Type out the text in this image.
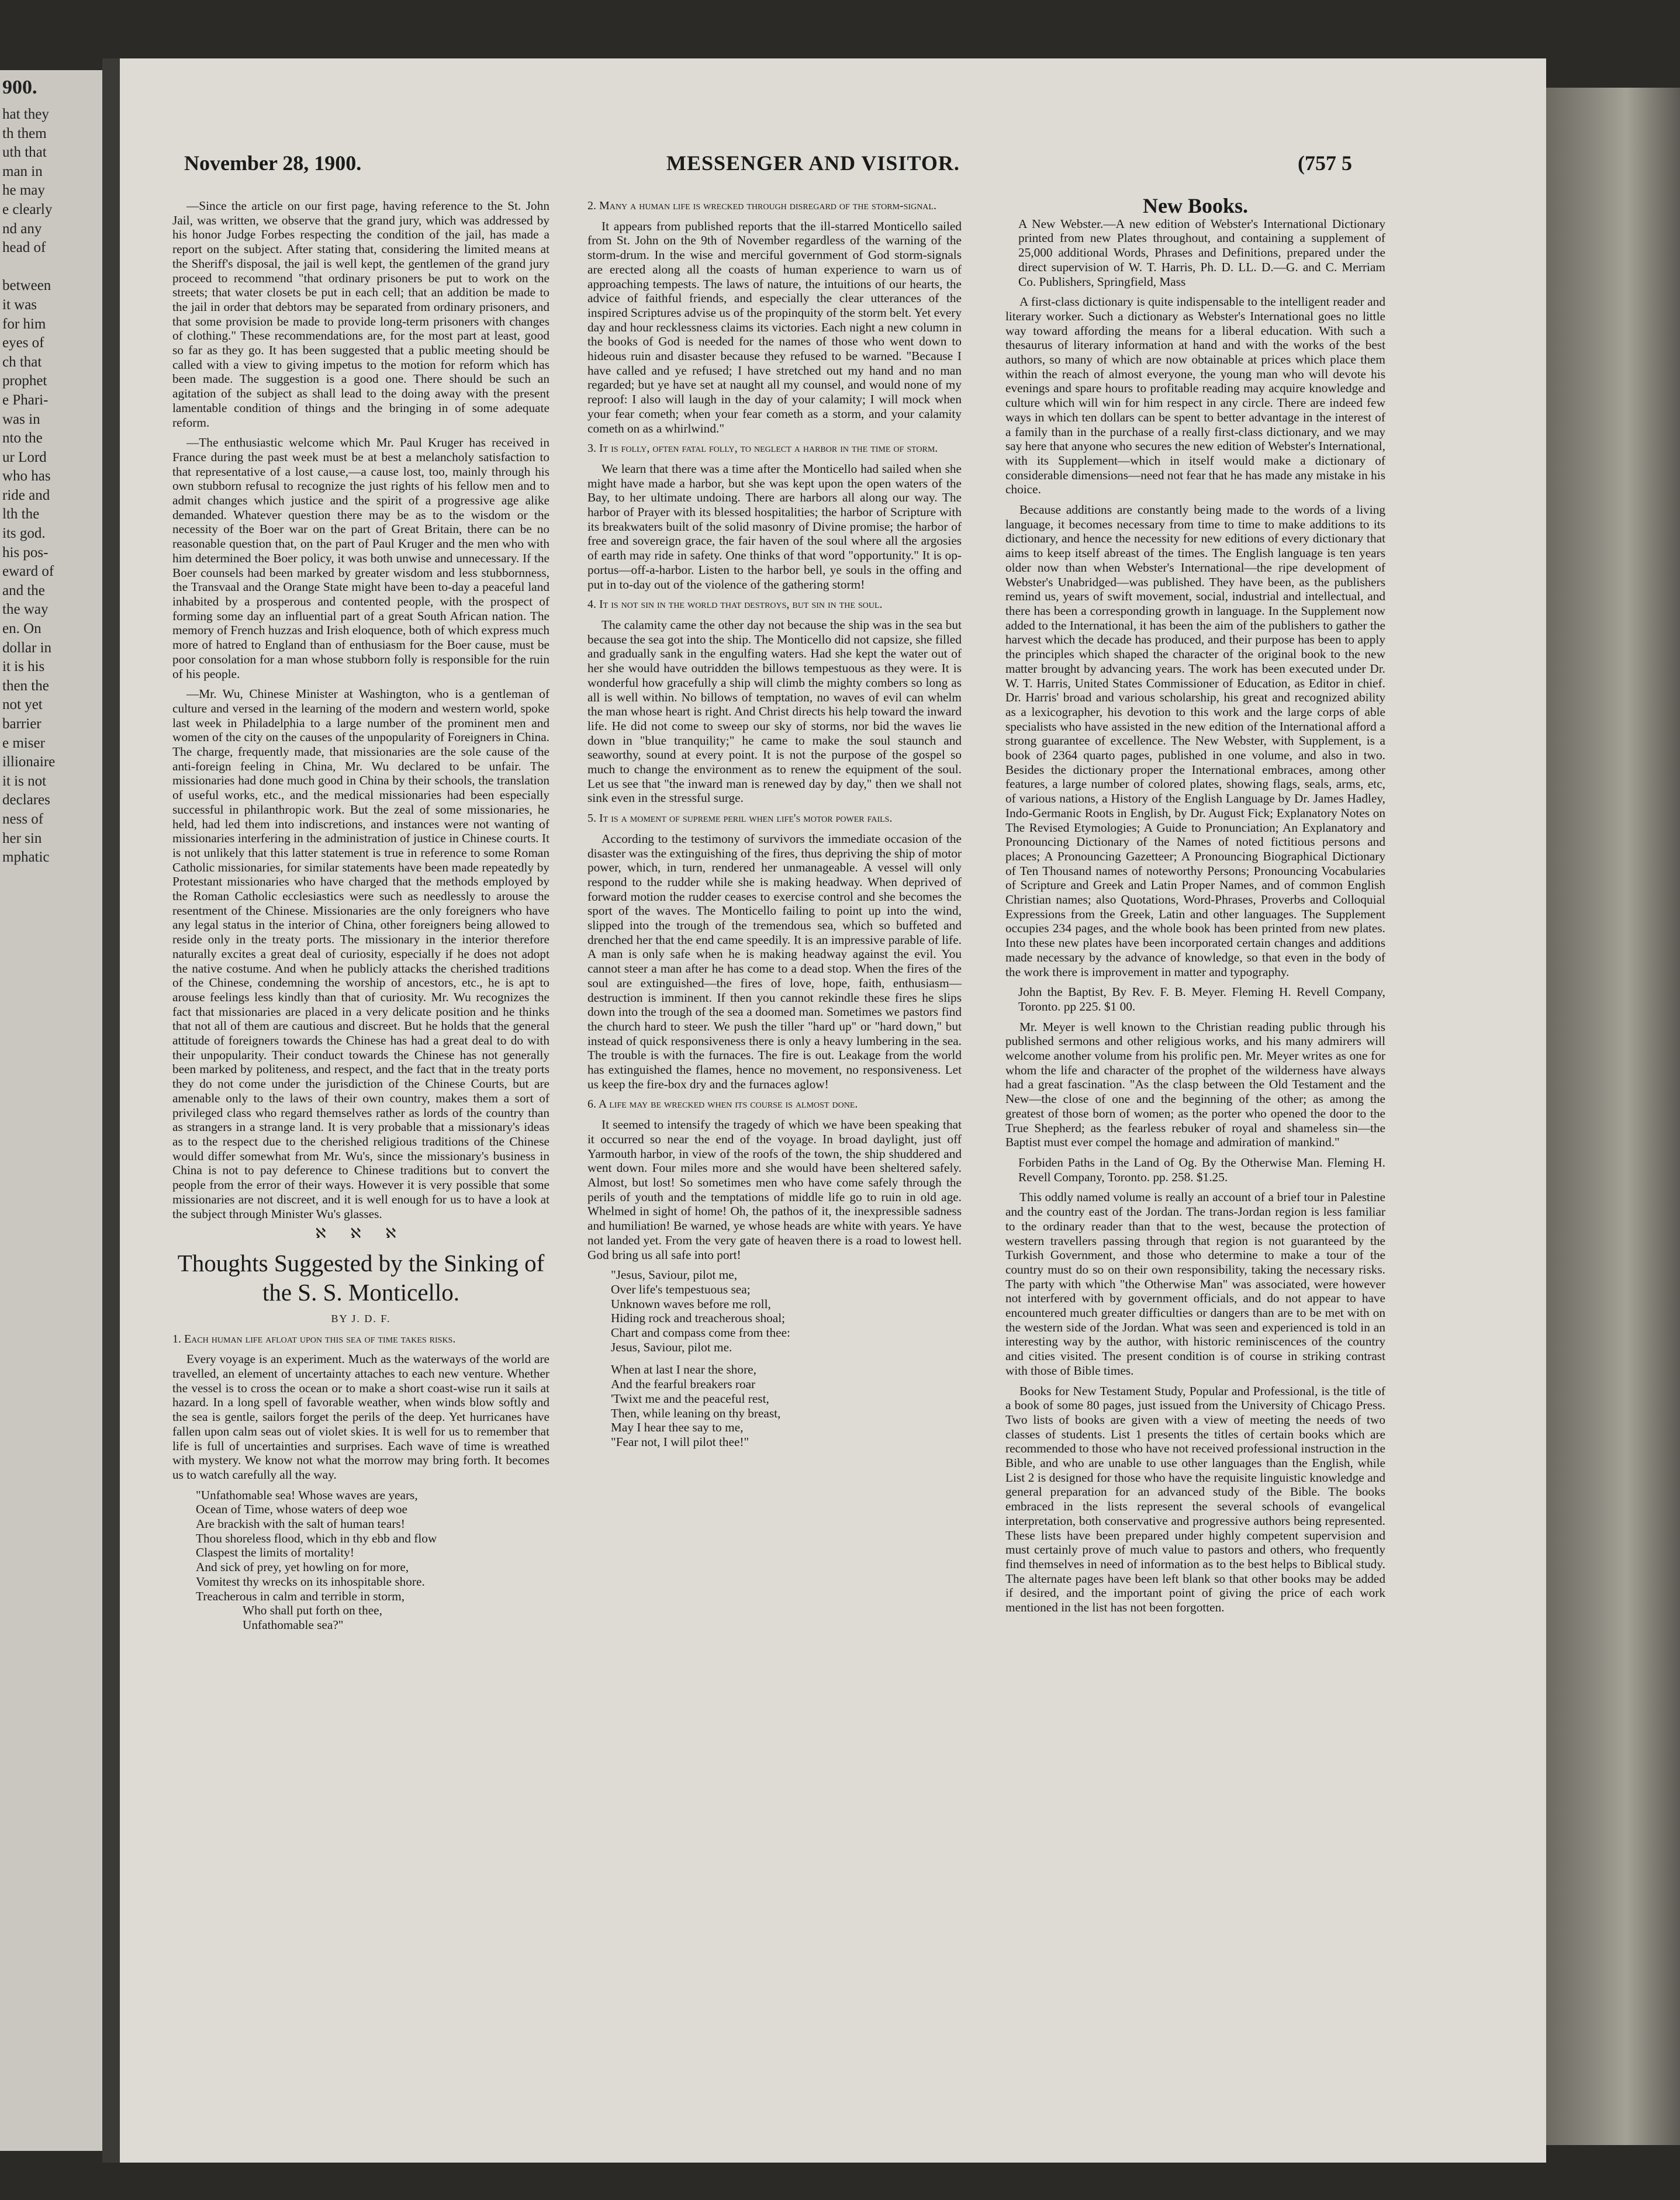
900.
hat they
th them
uth that
man in
he may
e clearly
nd any
head of

between
it was
for him
eyes of
ch that
prophet
e Phari-
was in
nto the
ur Lord
who has
ride and
lth the
its god.
his pos-
eward of
and the
the way
en. On
dollar in
it is his
then the
not yet
barrier
e miser
illionaire
it is not
declares
ness of
her sin
mphatic
November 28, 1900.	MESSENGER AND VISITOR.	(757 5

—Since the article on our first page, having reference to the St. John Jail, was written, we observe that the grand jury, which was addressed by his honor Judge Forbes respecting the condition of the jail, has made a report on the subject. After stating that, considering the limited means at the Sheriff's disposal, the jail is well kept, the gentlemen of the grand jury proceed to recommend "that ordinary prisoners be put to work on the streets; that water closets be put in each cell; that an addition be made to the jail in order that debtors may be separated from ordinary prisoners, and that some provision be made to provide long-term prisoners with changes of clothing." These recommendations are, for the most part at least, good so far as they go. It has been suggested that a public meeting should be called with a view to giving impetus to the motion for reform which has been made. The suggestion is a good one. There should be such an agitation of the subject as shall lead to the doing away with the present lamentable condition of things and the bringing in of some adequate reform.

—The enthusiastic welcome which Mr. Paul Kruger has received in France during the past week must be at best a melancholy satisfaction to that representative of a lost cause,—a cause lost, too, mainly through his own stubborn refusal to recognize the just rights of his fellow men and to admit changes which justice and the spirit of a progressive age alike demanded. Whatever question there may be as to the wisdom or the necessity of the Boer war on the part of Great Britain, there can be no reasonable question that, on the part of Paul Kruger and the men who with him determined the Boer policy, it was both unwise and unnecessary. If the Boer counsels had been marked by greater wisdom and less stubbornness, the Transvaal and the Orange State might have been to-day a peaceful land inhabited by a prosperous and contented people, with the prospect of forming some day an influential part of a great South African nation. The memory of French huzzas and Irish eloquence, both of which express much more of hatred to England than of enthusiasm for the Boer cause, must be poor consolation for a man whose stubborn folly is responsible for the ruin of his people.

—Mr. Wu, Chinese Minister at Washington, who is a gentleman of culture and versed in the learning of the modern and western world, spoke last week in Philadelphia to a large number of the prominent men and women of the city on the causes of the unpopularity of Foreigners in China. The charge, frequently made, that missionaries are the sole cause of the anti-foreign feeling in China, Mr. Wu declared to be unfair. The missionaries had done much good in China by their schools, the translation of useful works, etc., and the medical missionaries had been especially successful in philanthropic work. But the zeal of some missionaries, he held, had led them into indiscretions, and instances were not wanting of missionaries interfering in the administration of justice in Chinese courts. It is not unlikely that this latter statement is true in reference to some Roman Catholic missionaries, for similar statements have been made repeatedly by Protestant missionaries who have charged that the methods employed by the Roman Catholic ecclesiastics were such as needlessly to arouse the resentment of the Chinese. Missionaries are the only foreigners who have any legal status in the interior of China, other foreigners being allowed to reside only in the treaty ports. The missionary in the interior therefore naturally excites a great deal of curiosity, especially if he does not adopt the native costume. And when he publicly attacks the cherished traditions of the Chinese, condemning the worship of ancestors, etc., he is apt to arouse feelings less kindly than that of curiosity. Mr. Wu recognizes the fact that missionaries are placed in a very delicate position and he thinks that not all of them are cautious and discreet. But he holds that the general attitude of foreigners towards the Chinese has had a great deal to do with their unpopularity. Their conduct towards the Chinese has not generally been marked by politeness, and respect, and the fact that in the treaty ports they do not come under the jurisdiction of the Chinese Courts, but are amenable only to the laws of their own country, makes them a sort of privileged class who regard themselves rather as lords of the country than as strangers in a strange land. It is very probable that a missionary's ideas as to the respect due to the cherished religious traditions of the Chinese would differ somewhat from Mr. Wu's, since the missionary's business in China is not to pay deference to Chinese traditions but to convert the people from the error of their ways. However it is very possible that some missionaries are not discreet, and it is well enough for us to have a look at the subject through Minister Wu's glasses.

ℵ ℵ ℵ
Thoughts Suggested by the Sinking of the S. S. Monticello.
BY J. D. F.

1. Each human life afloat upon this sea of time takes risks.

Every voyage is an experiment. Much as the waterways of the world are travelled, an element of uncertainty attaches to each new venture. Whether the vessel is to cross the ocean or to make a short coast-wise run it sails at hazard. In a long spell of favorable weather, when winds blow softly and the sea is gentle, sailors forget the perils of the deep. Yet hurricanes have fallen upon calm seas out of violet skies. It is well for us to remember that life is full of uncertainties and surprises. Each wave of time is wreathed with mystery. We know not what the morrow may bring forth. It becomes us to watch carefully all the way.

"Unfathomable sea! Whose waves are years,
Ocean of Time, whose waters of deep woe
Are brackish with the salt of human tears!
Thou shoreless flood, which in thy ebb and flow
Claspest the limits of mortality!
And sick of prey, yet howling on for more,
Vomitest thy wrecks on its inhospitable shore.
Treacherous in calm and terrible in storm,
Who shall put forth on thee,
Unfathomable sea?"

2. Many a human life is wrecked through disregard of the storm-signal.

It appears from published reports that the ill-starred Monticello sailed from St. John on the 9th of November regardless of the warning of the storm-drum. In the wise and merciful government of God storm-signals are erected along all the coasts of human experience to warn us of approaching tempests. The laws of nature, the intuitions of our hearts, the advice of faithful friends, and especially the clear utterances of the inspired Scriptures advise us of the propinquity of the storm belt. Yet every day and hour recklessness claims its victories. Each night a new column in the books of God is needed for the names of those who went down to hideous ruin and disaster because they refused to be warned. "Because I have called and ye refused; I have stretched out my hand and no man regarded; but ye have set at naught all my counsel, and would none of my reproof: I also will laugh in the day of your calamity; I will mock when your fear cometh; when your fear cometh as a storm, and your calamity cometh on as a whirlwind."

3. It is folly, often fatal folly, to neglect a harbor in the time of storm.

We learn that there was a time after the Monticello had sailed when she might have made a harbor, but she was kept upon the open waters of the Bay, to her ultimate undoing. There are harbors all along our way. The harbor of Prayer with its blessed hospitalities; the harbor of Scripture with its breakwaters built of the solid masonry of Divine promise; the harbor of free and sovereign grace, the fair haven of the soul where all the argosies of earth may ride in safety. One thinks of that word "opportunity." It is op-portus—off-a-harbor. Listen to the harbor bell, ye souls in the offing and put in to-day out of the violence of the gathering storm!

4. It is not sin in the world that destroys, but sin in the soul.

The calamity came the other day not because the ship was in the sea but because the sea got into the ship. The Monticello did not capsize, she filled and gradually sank in the engulfing waters. Had she kept the water out of her she would have outridden the billows tempestuous as they were. It is wonderful how gracefully a ship will climb the mighty combers so long as all is well within. No billows of temptation, no waves of evil can whelm the man whose heart is right. And Christ directs his help toward the inward life. He did not come to sweep our sky of storms, nor bid the waves lie down in "blue tranquility;" he came to make the soul staunch and seaworthy, sound at every point. It is not the purpose of the gospel so much to change the environment as to renew the equipment of the soul. Let us see that "the inward man is renewed day by day," then we shall not sink even in the stressful surge.

5. It is a moment of supreme peril when life's motor power fails.

According to the testimony of survivors the immediate occasion of the disaster was the extinguishing of the fires, thus depriving the ship of motor power, which, in turn, rendered her unmanageable. A vessel will only respond to the rudder while she is making headway. When deprived of forward motion the rudder ceases to exercise control and she becomes the sport of the waves. The Monticello failing to point up into the wind, slipped into the trough of the tremendous sea, which so buffeted and drenched her that the end came speedily. It is an impressive parable of life. A man is only safe when he is making headway against the evil. You cannot steer a man after he has come to a dead stop. When the fires of the soul are extinguished—the fires of love, hope, faith, enthusiasm—destruction is imminent. If then you cannot rekindle these fires he slips down into the trough of the sea a doomed man. Sometimes we pastors find the church hard to steer. We push the tiller "hard up" or "hard down," but instead of quick responsiveness there is only a heavy lumbering in the sea. The trouble is with the furnaces. The fire is out. Leakage from the world has extinguished the flames, hence no movement, no responsiveness. Let us keep the fire-box dry and the furnaces aglow!

6. A life may be wrecked when its course is almost done.

It seemed to intensify the tragedy of which we have been speaking that it occurred so near the end of the voyage. In broad daylight, just off Yarmouth harbor, in view of the roofs of the town, the ship shuddered and went down. Four miles more and she would have been sheltered safely. Almost, but lost! So sometimes men who have come safely through the perils of youth and the temptations of middle life go to ruin in old age. Whelmed in sight of home! Oh, the pathos of it, the inexpressible sadness and humiliation! Be warned, ye whose heads are white with years. Ye have not landed yet. From the very gate of heaven there is a road to lowest hell. God bring us all safe into port!

"Jesus, Saviour, pilot me,
Over life's tempestuous sea;
Unknown waves before me roll,
Hiding rock and treacherous shoal;
Chart and compass come from thee:
Jesus, Saviour, pilot me.
When at last I near the shore,
And the fearful breakers roar
'Twixt me and the peaceful rest,
Then, while leaning on thy breast,
May I hear thee say to me,
"Fear not, I will pilot thee!"
New Books.

A New Webster.—A new edition of Webster's International Dictionary printed from new Plates throughout, and containing a supplement of 25,000 additional Words, Phrases and Definitions, prepared under the direct supervision of W. T. Harris, Ph. D. LL. D.—G. and C. Merriam Co. Publishers, Springfield, Mass

A first-class dictionary is quite indispensable to the intelligent reader and literary worker. Such a dictionary as Webster's International goes no little way toward affording the means for a liberal education. With such a thesaurus of literary information at hand and with the works of the best authors, so many of which are now obtainable at prices which place them within the reach of almost everyone, the young man who will devote his evenings and spare hours to profitable reading may acquire knowledge and culture which will win for him respect in any circle. There are indeed few ways in which ten dollars can be spent to better advantage in the interest of a family than in the purchase of a really first-class dictionary, and we may say here that anyone who secures the new edition of Webster's International, with its Supplement—which in itself would make a dictionary of considerable dimensions—need not fear that he has made any mistake in his choice.

Because additions are constantly being made to the words of a living language, it becomes necessary from time to time to make additions to its dictionary, and hence the necessity for new editions of every dictionary that aims to keep itself abreast of the times. The English language is ten years older now than when Webster's International—the ripe development of Webster's Unabridged—was published. They have been, as the publishers remind us, years of swift movement, social, industrial and intellectual, and there has been a corresponding growth in language. In the Supplement now added to the International, it has been the aim of the publishers to gather the harvest which the decade has produced, and their purpose has been to apply the principles which shaped the character of the original book to the new matter brought by advancing years. The work has been executed under Dr. W. T. Harris, United States Commissioner of Education, as Editor in chief. Dr. Harris' broad and various scholarship, his great and recognized ability as a lexicographer, his devotion to this work and the large corps of able specialists who have assisted in the new edition of the International afford a strong guarantee of excellence. The New Webster, with Supplement, is a book of 2364 quarto pages, published in one volume, and also in two. Besides the dictionary proper the International embraces, among other features, a large number of colored plates, showing flags, seals, arms, etc, of various nations, a History of the English Language by Dr. James Hadley, Indo-Germanic Roots in English, by Dr. August Fick; Explanatory Notes on The Revised Etymologies; A Guide to Pronunciation; An Explanatory and Pronouncing Dictionary of the Names of noted fictitious persons and places; A Pronouncing Gazetteer; A Pronouncing Biographical Dictionary of Ten Thousand names of noteworthy Persons; Pronouncing Vocabularies of Scripture and Greek and Latin Proper Names, and of common English Christian names; also Quotations, Word-Phrases, Proverbs and Colloquial Expressions from the Greek, Latin and other languages. The Supplement occupies 234 pages, and the whole book has been printed from new plates. Into these new plates have been incorporated certain changes and additions made necessary by the advance of knowledge, so that even in the body of the work there is improvement in matter and typography.

John the Baptist, By Rev. F. B. Meyer. Fleming H. Revell Company, Toronto. pp 225. $1 00.

Mr. Meyer is well known to the Christian reading public through his published sermons and other religious works, and his many admirers will welcome another volume from his prolific pen. Mr. Meyer writes as one for whom the life and character of the prophet of the wilderness have always had a great fascination. "As the clasp between the Old Testament and the New—the close of one and the beginning of the other; as among the greatest of those born of women; as the porter who opened the door to the True Shepherd; as the fearless rebuker of royal and shameless sin—the Baptist must ever compel the homage and admiration of mankind."

Forbiden Paths in the Land of Og. By the Otherwise Man. Fleming H. Revell Company, Toronto. pp. 258. $1.25.

This oddly named volume is really an account of a brief tour in Palestine and the country east of the Jordan. The trans-Jordan region is less familiar to the ordinary reader than that to the west, because the protection of western travellers passing through that region is not guaranteed by the Turkish Government, and those who determine to make a tour of the country must do so on their own responsibility, taking the necessary risks. The party with which "the Otherwise Man" was associated, were however not interfered with by government officials, and do not appear to have encountered much greater difficulties or dangers than are to be met with on the western side of the Jordan. What was seen and experienced is told in an interesting way by the author, with historic reminiscences of the country and cities visited. The present condition is of course in striking contrast with those of Bible times.

Books for New Testament Study, Popular and Professional, is the title of a book of some 80 pages, just issued from the University of Chicago Press. Two lists of books are given with a view of meeting the needs of two classes of students. List 1 presents the titles of certain books which are recommended to those who have not received professional instruction in the Bible, and who are unable to use other languages than the English, while List 2 is designed for those who have the requisite linguistic knowledge and general preparation for an advanced study of the Bible. The books embraced in the lists represent the several schools of evangelical interpretation, both conservative and progressive authors being represented. These lists have been prepared under highly competent supervision and must certainly prove of much value to pastors and others, who frequently find themselves in need of information as to the best helps to Biblical study. The alternate pages have been left blank so that other books may be added if desired, and the important point of giving the price of each work mentioned in the list has not been forgotten.
